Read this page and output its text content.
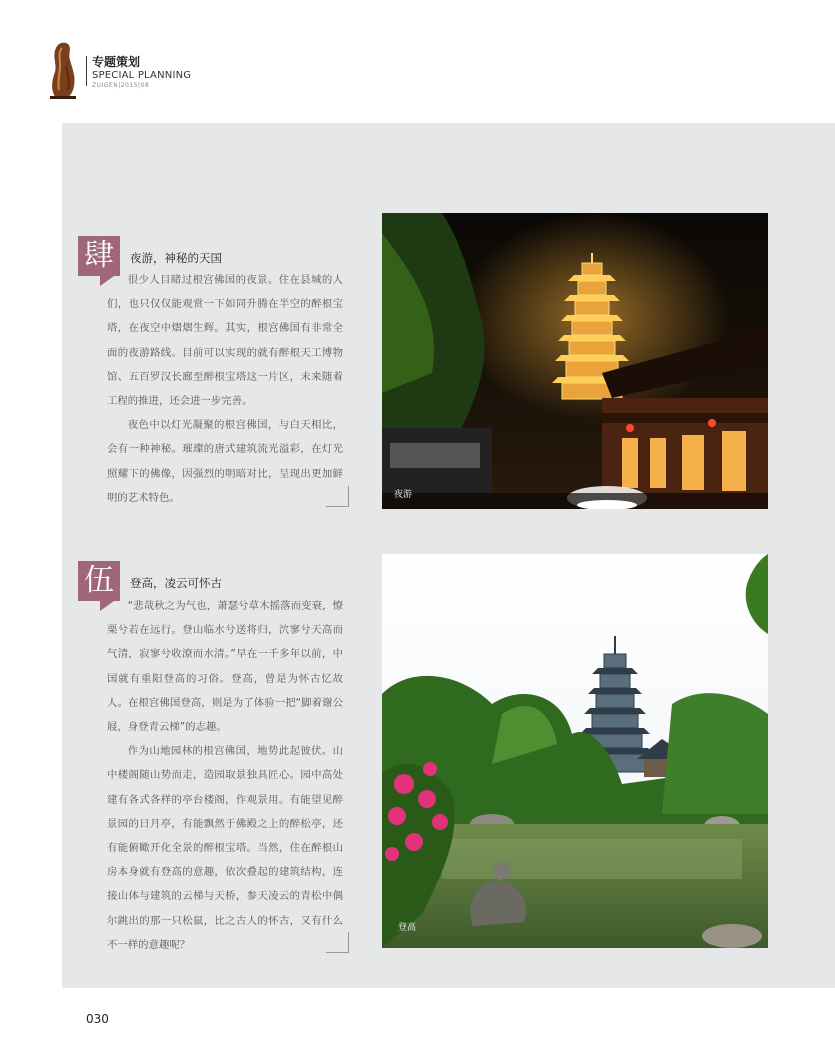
专题策划
SPECIAL PLANNING
ZUIGEN|2015|08
肆	夜游，神秘的天国

很少人目睹过根宫佛国的夜景。住在县城的人们，也只仅仅能观赏一下如同升腾在半空的醉根宝塔，在夜空中熠熠生辉。其实，根宫佛国有非常全面的夜游路线。目前可以实现的就有醉根天工博物馆、五百罗汉长廊至醉根宝塔这一片区，未来随着工程的推进，还会进一步完善。

夜色中以灯光凝聚的根宫佛国，与白天相比，会有一种神秘。璀璨的唐式建筑流光溢彩，在灯光照耀下的佛像，因强烈的明暗对比，呈现出更加鲜明的艺术特色。	夜游
伍	登高，凌云可怀古

“悲哉秋之为气也，萧瑟兮草木摇落而变衰，憭栗兮若在远行。登山临水兮送将归，泬寥兮天高而气清，寂寥兮收潦而水清。”早在一千多年以前，中国就有重阳登高的习俗。登高，曾是为怀古忆故人。在根宫佛国登高，则是为了体验一把“脚着谢公屐，身登青云梯”的志趣。

作为山地园林的根宫佛国，地势此起彼伏。山中楼阁随山势而走，造园取景独具匠心。园中高处建有各式各样的亭台楼阁，作观景用。有能望见醉景园的日月亭，有能飘然于佛殿之上的醉松亭，还有能俯瞰开化全景的醉根宝塔。当然，住在醉根山房本身就有登高的意趣，依次叠起的建筑结构，连接山体与建筑的云梯与天桥，参天凌云的青松中偶尔跳出的那一只松鼠，比之古人的怀古，又有什么不一样的意趣呢？

登高
030
